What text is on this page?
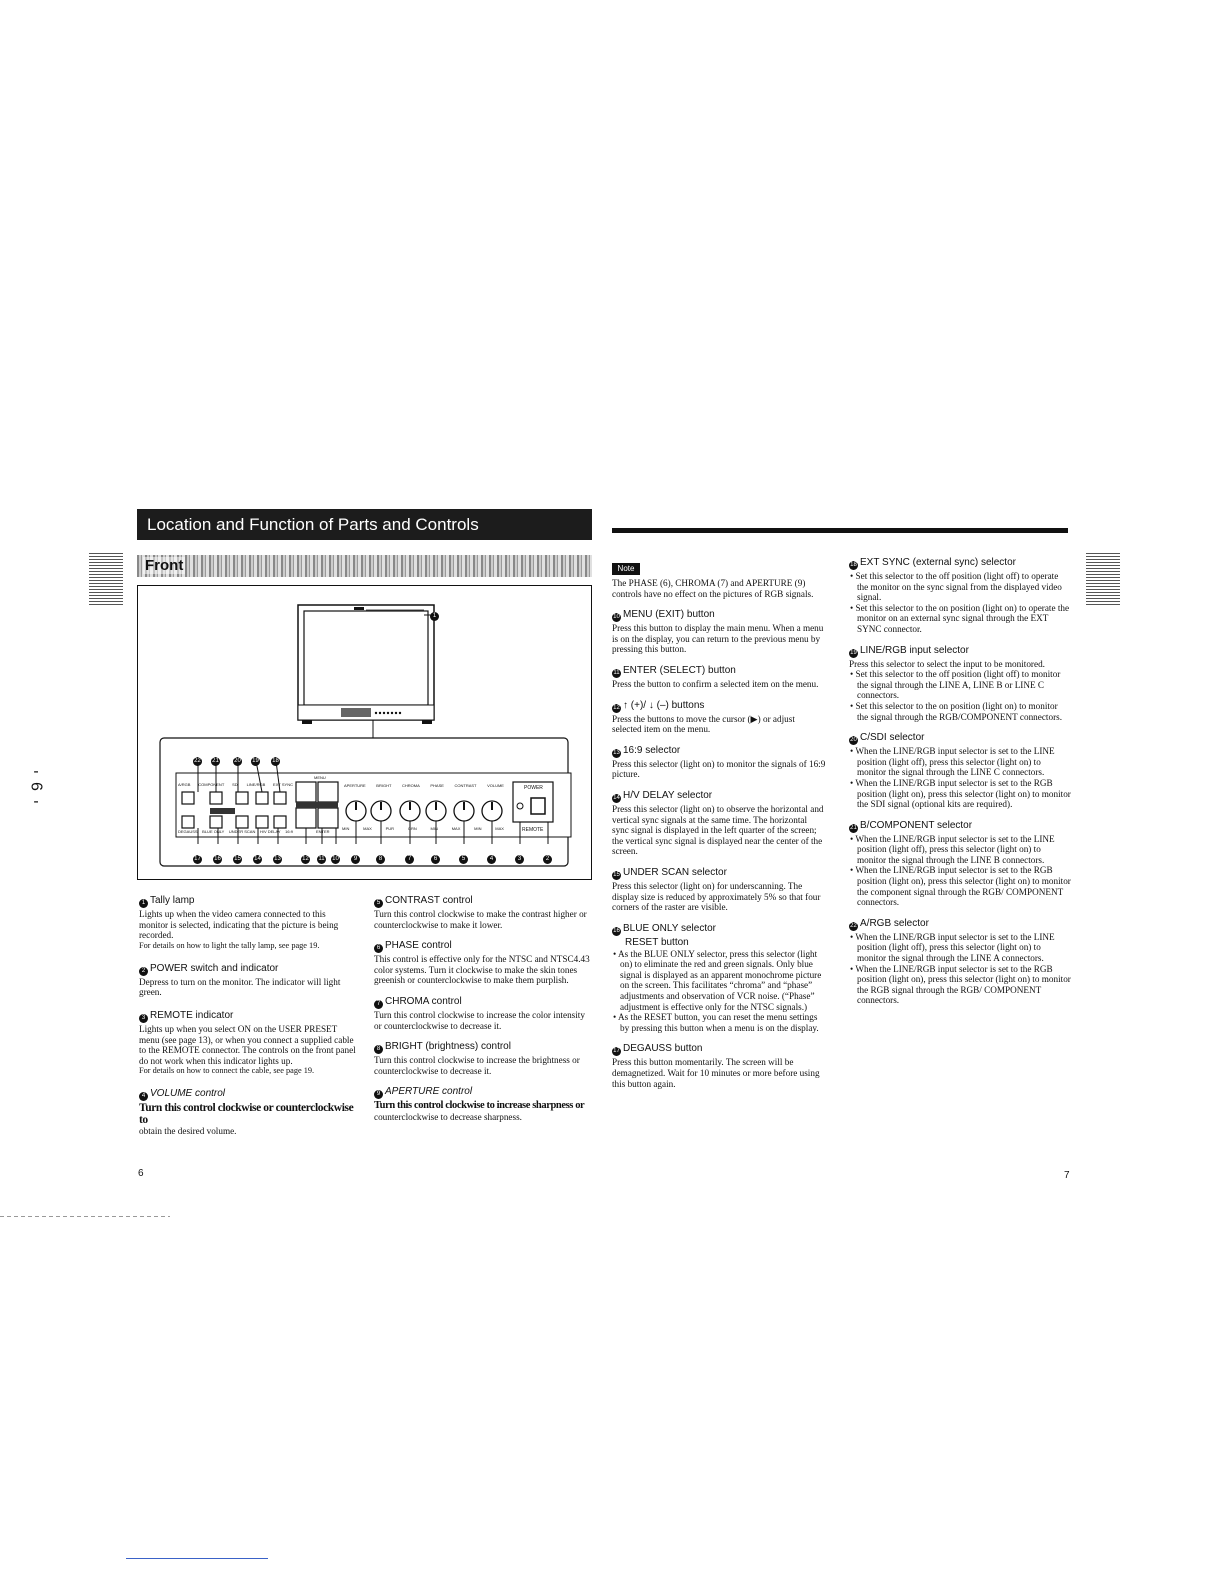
Location and Function of Parts and Controls
Front
-
6
-
1
22	21	20	19	18
17	16	15	14	13	12	11	10	9	8	7	6	5	4	3	2
A/RGB COMPONENT SDI LINE/RGB EXT SYNC
DEGAUSS BLUE ONLY UNDER SCAN H/V DELAY 16:9
MENU
ENTER
APERTURE	BRIGHT	CHROMA	PHASE	CONTRAST	VOLUME
MIN	MAX	PUR	GRN	MIN	MAX	MIN	MAX
POWER
REMOTE
1 Tally lamp

Lights up when the video camera connected to this monitor is selected, indicating that the picture is being recorded.

For details on how to light the tally lamp, see page 19.

2 POWER switch and indicator

Depress to turn on the monitor. The indicator will light green.

3 REMOTE indicator

Lights up when you select ON on the USER PRESET menu (see page 13), or when you connect a supplied cable to the REMOTE connector. The controls on the front panel do not work when this indicator lights up.

For details on how to connect the cable, see page 19.

4 VOLUME control

Turn this control clockwise or counterclockwise to

obtain the desired volume.

5 CONTRAST control

Turn this control clockwise to make the contrast higher or counterclockwise to make it lower.

6 PHASE control

This control is effective only for the NTSC and NTSC4.43 color systems. Turn it clockwise to make the skin tones greenish or counterclockwise to make them purplish.

7 CHROMA control

Turn this control clockwise to increase the color intensity or counterclockwise to decrease it.

8 BRIGHT (brightness) control

Turn this control clockwise to increase the brightness or counterclockwise to decrease it.

9 APERTURE control

Turn this control clockwise to increase sharpness or

counterclockwise to decrease sharpness.

Note

The PHASE (6), CHROMA (7) and APERTURE (9) controls have no effect on the pictures of RGB signals.

10 MENU (EXIT) button

Press this button to display the main menu. When a menu is on the display, you can return to the previous menu by pressing this button.

11 ENTER (SELECT) button

Press the button to confirm a selected item on the menu.

12 ↑ (+)/ ↓ (–) buttons

Press the buttons to move the cursor (▶) or adjust selected item on the menu.

13 16:9 selector

Press this selector (light on) to monitor the signals of 16:9 picture.

14 H/V DELAY selector

Press this selector (light on) to observe the horizontal and vertical sync signals at the same time. The horizontal sync signal is displayed in the left quarter of the screen; the vertical sync signal is displayed near the center of the screen.

15 UNDER SCAN selector

Press this selector (light on) for underscanning. The display size is reduced by approximately 5% so that four corners of the raster are visible.

16 BLUE ONLY selector
RESET button

• As the BLUE ONLY selector, press this selector (light on) to eliminate the red and green signals. Only blue signal is displayed as an apparent monochrome picture on the screen. This facilitates “chroma” and “phase” adjustments and observation of VCR noise. (“Phase” adjustment is effective only for the NTSC signals.)

• As the RESET button, you can reset the menu settings by pressing this button when a menu is on the display.

17 DEGAUSS button

Press this button momentarily. The screen will be demagnetized. Wait for 10 minutes or more before using this button again.

18 EXT SYNC (external sync) selector

• Set this selector to the off position (light off) to operate the monitor on the sync signal from the displayed video signal.

• Set this selector to the on position (light on) to operate the monitor on an external sync signal through the EXT SYNC connector.

19 LINE/RGB input selector

Press this selector to select the input to be monitored.

• Set this selector to the off position (light off) to monitor the signal through the LINE A, LINE B or LINE C connectors.

• Set this selector to the on position (light on) to monitor the signal through the RGB/COMPONENT connectors.

20 C/SDI selector

• When the LINE/RGB input selector is set to the LINE position (light off), press this selector (light on) to monitor the signal through the LINE C connectors.

• When the LINE/RGB input selector is set to the RGB position (light on), press this selector (light on) to monitor the SDI signal (optional kits are required).

21 B/COMPONENT selector

• When the LINE/RGB input selector is set to the LINE position (light off), press this selector (light on) to monitor the signal through the LINE B connectors.

• When the LINE/RGB input selector is set to the RGB position (light on), press this selector (light on) to monitor the component signal through the RGB/ COMPONENT connectors.

22 A/RGB selector

• When the LINE/RGB input selector is set to the LINE position (light off), press this selector (light on) to monitor the signal through the LINE A connectors.

• When the LINE/RGB input selector is set to the RGB position (light on), press this selector (light on) to monitor the RGB signal through the RGB/ COMPONENT connectors.

6	7
